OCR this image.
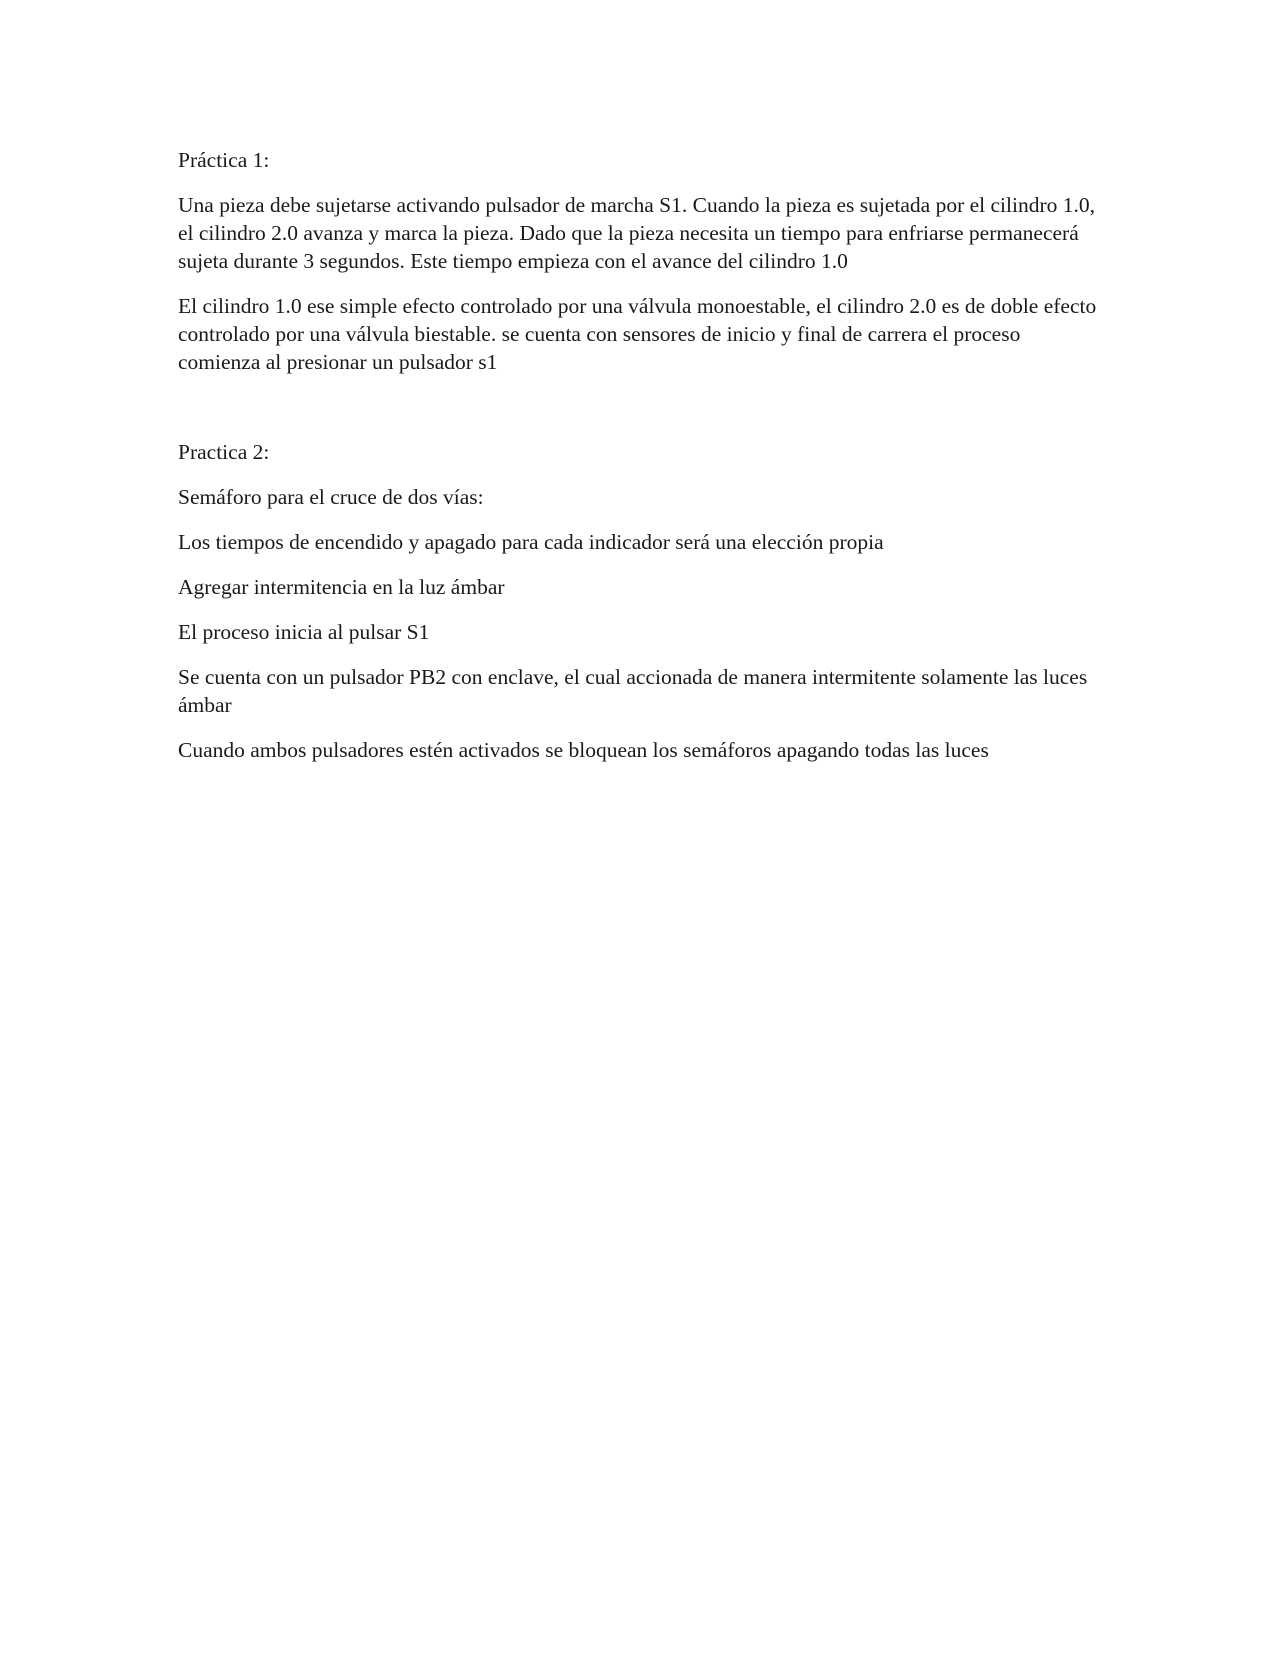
Práctica 1:

Una pieza debe sujetarse activando pulsador de marcha S1. Cuando la pieza es sujetada por el cilindro 1.0, el cilindro 2.0 avanza y marca la pieza. Dado que la pieza necesita un tiempo para enfriarse permanecerá sujeta durante 3 segundos. Este tiempo empieza con el avance del cilindro 1.0

El cilindro 1.0 ese simple efecto controlado por una válvula monoestable, el cilindro 2.0 es de doble efecto controlado por una válvula biestable. se cuenta con sensores de inicio y final de carrera el proceso comienza al presionar un pulsador s1

Practica 2:

Semáforo para el cruce de dos vías:

Los tiempos de encendido y apagado para cada indicador será una elección propia

Agregar intermitencia en la luz ámbar

El proceso inicia al pulsar S1

Se cuenta con un pulsador PB2 con enclave, el cual accionada de manera intermitente solamente las luces ámbar

Cuando ambos pulsadores estén activados se bloquean los semáforos apagando todas las luces
